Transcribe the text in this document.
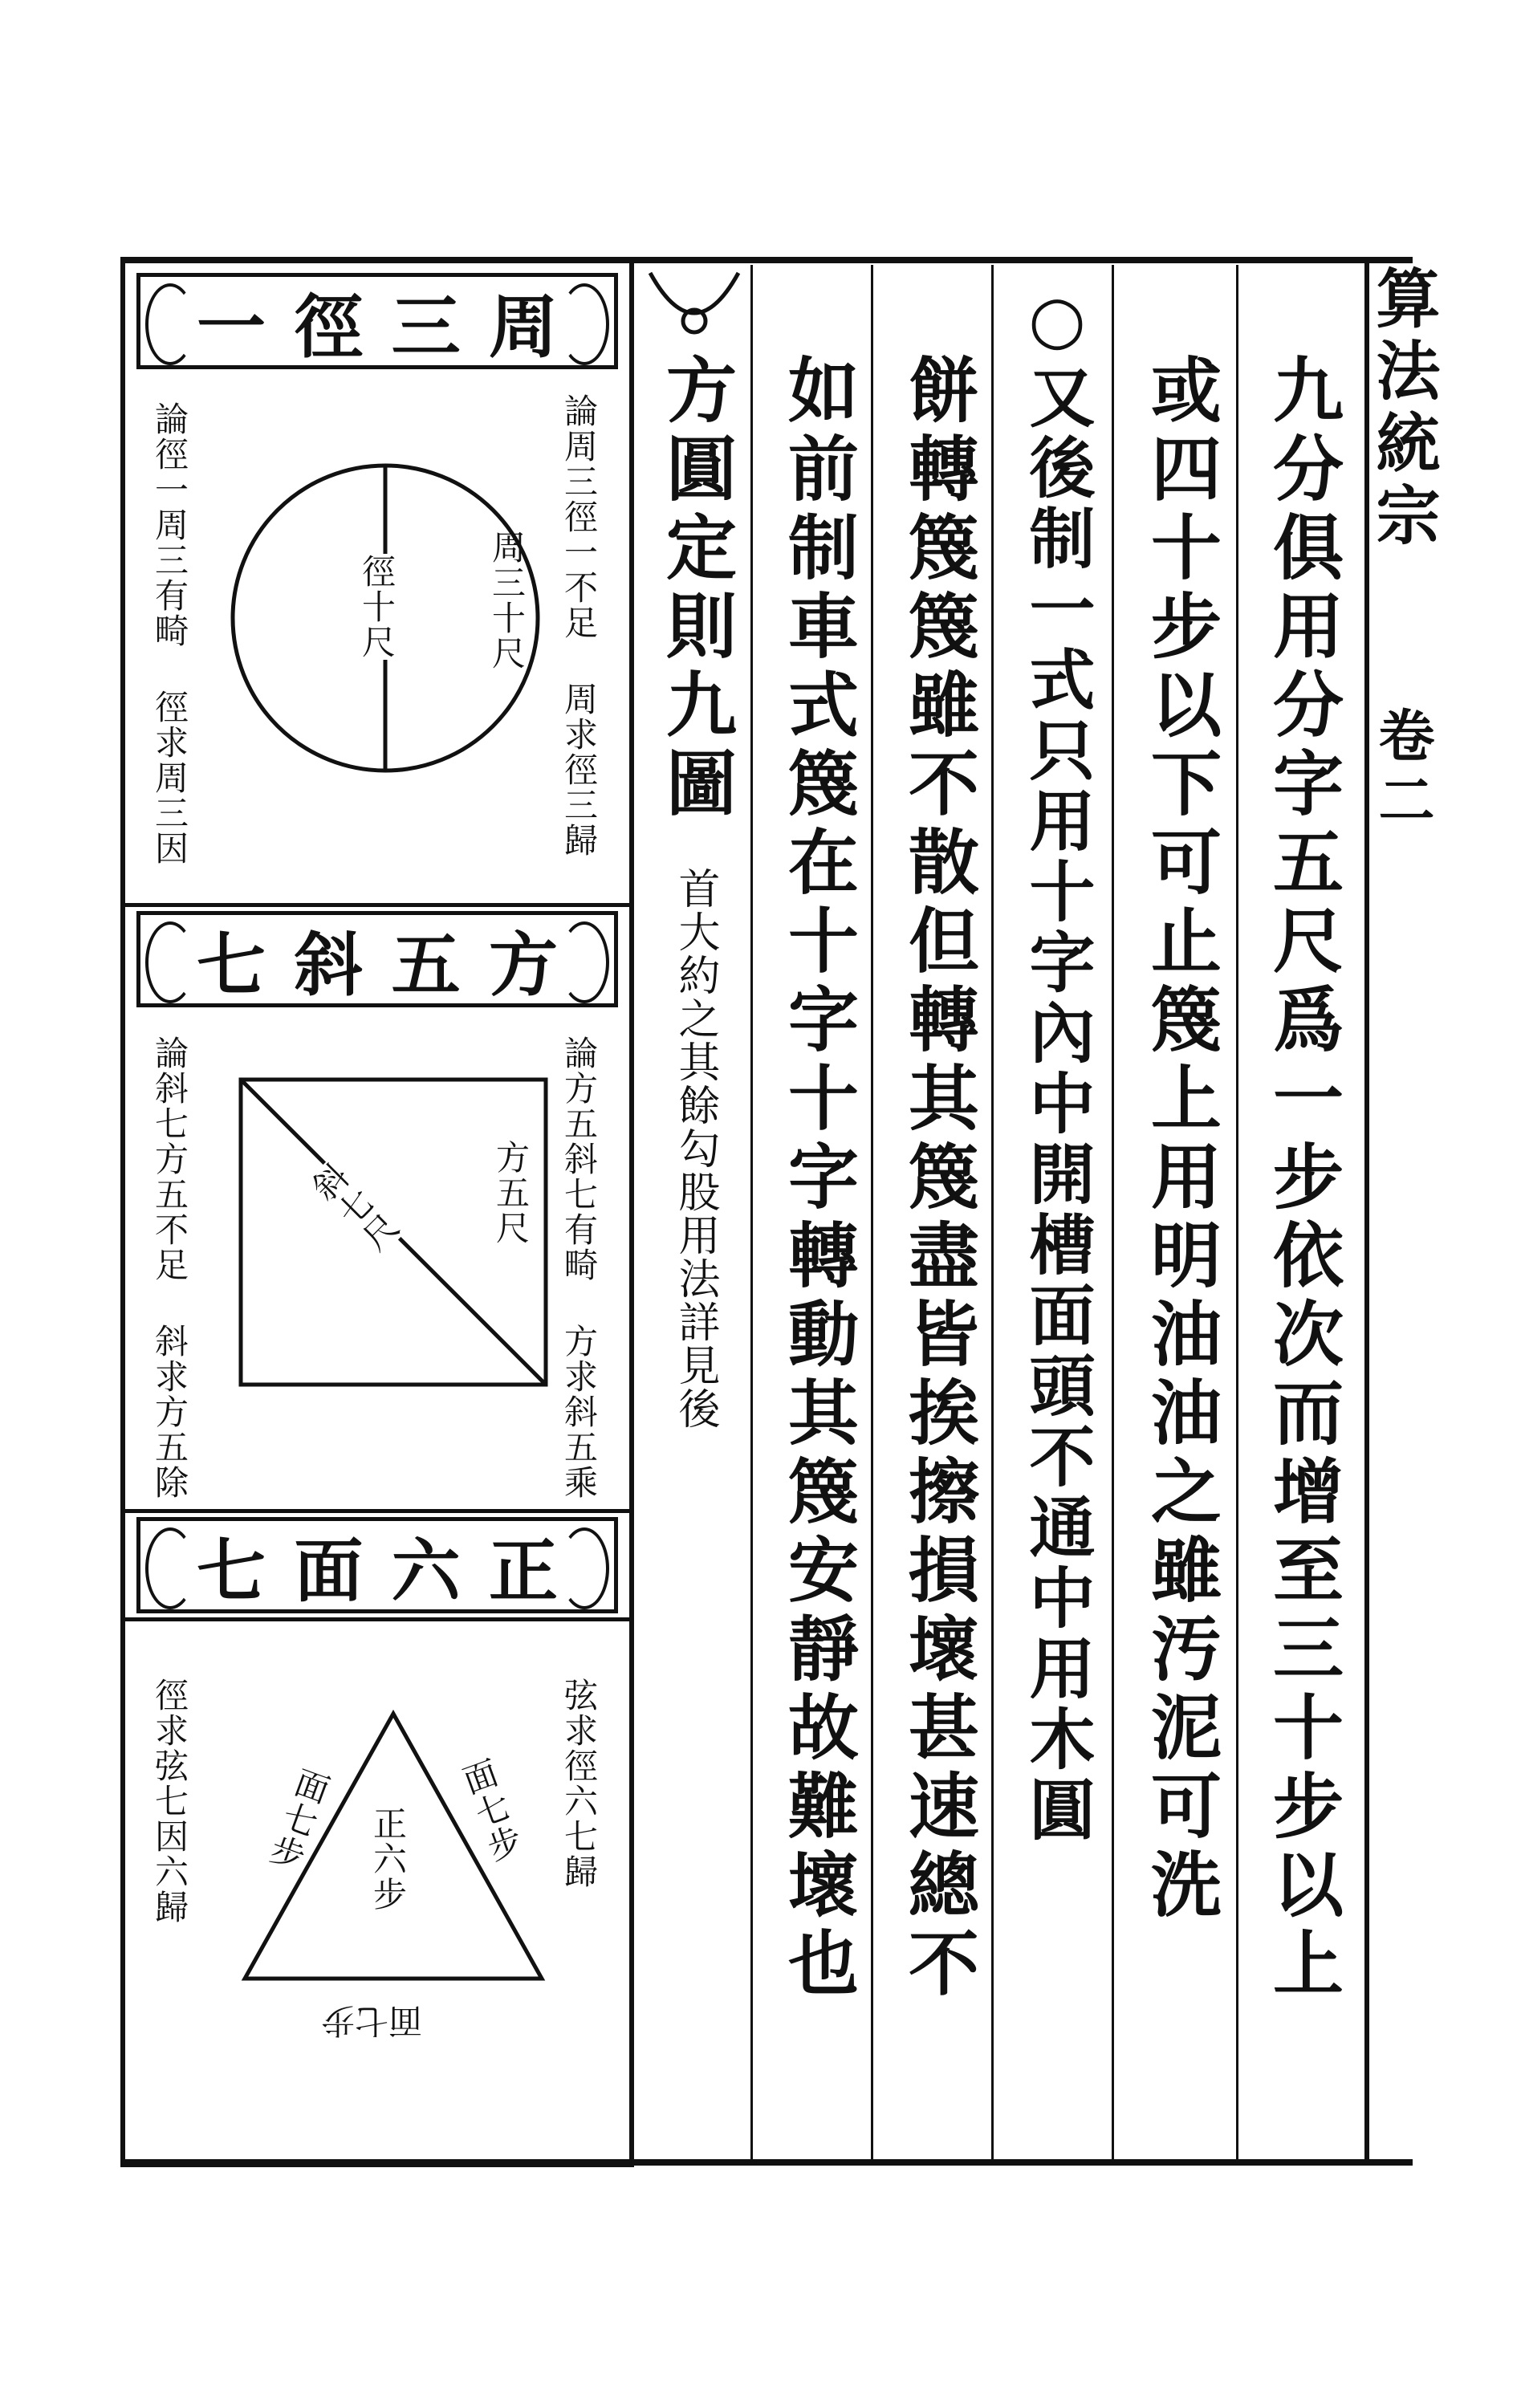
算法統宗
卷二
九分俱用分字五尺爲一步依次而增至三十步以上
或四十步以下可止篾上用明油油之雖汚泥可洗
○又後制一式只用十字內中開槽面頭不通中用木圓
餅轉篾篾雖不散但轉其篾盡皆挨擦損壞甚速總不
如前制車式篾在十字十字轉動其篾安靜故難壞也
方圓定則九圖
首大約之其餘勾股用法詳見後
一 徑 三 周
論周三徑一不足 周求徑三歸
論徑一周三有畸 徑求周三因	周三十尺
徑十尺
七 斜 五 方
論方五斜七有畸 方求斜五乘
論斜七方五不足 斜求方五除	方五尺
斜七尺
七 面 六 正
弦求徑六七歸
徑求弦七因六歸	正六步
面七步	面七步
面七步
